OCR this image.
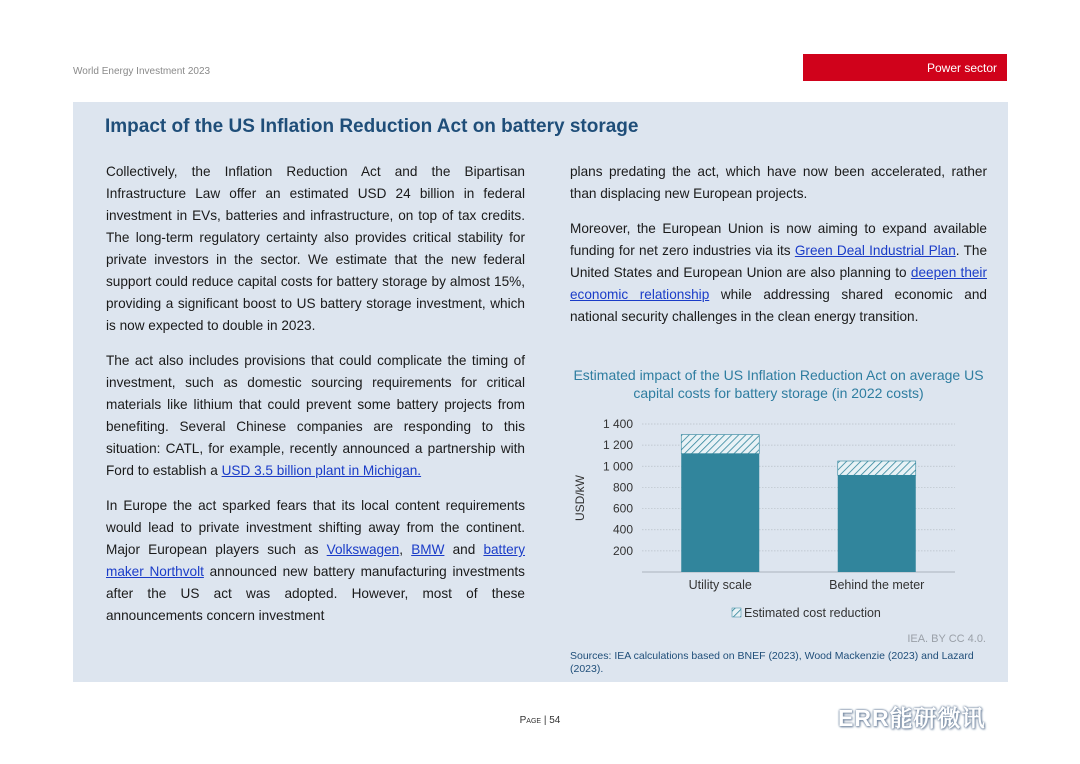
World Energy Investment 2023	Power sector
Impact of the US Inflation Reduction Act on battery storage

Collectively, the Inflation Reduction Act and the Bipartisan Infrastructure Law offer an estimated USD 24 billion in federal investment in EVs, batteries and infrastructure, on top of tax credits. The long-term regulatory certainty also provides critical stability for private investors in the sector. We estimate that the new federal support could reduce capital costs for battery storage by almost 15%, providing a significant boost to US battery storage investment, which is now expected to double in 2023.

The act also includes provisions that could complicate the timing of investment, such as domestic sourcing requirements for critical materials like lithium that could prevent some battery projects from benefiting. Several Chinese companies are responding to this situation: CATL, for example, recently announced a partnership with Ford to establish a USD 3.5 billion plant in Michigan.

In Europe the act sparked fears that its local content requirements would lead to private investment shifting away from the continent. Major European players such as Volkswagen, BMW and battery maker Northvolt announced new battery manufacturing investments after the US act was adopted. However, most of these announcements concern investment

plans predating the act, which have now been accelerated, rather than displacing new European projects.

Moreover, the European Union is now aiming to expand available funding for net zero industries via its Green Deal Industrial Plan. The United States and European Union are also planning to deepen their economic relationship while addressing shared economic and national security challenges in the clean energy transition.

Estimated impact of the US Inflation Reduction Act on average US capital costs for battery storage (in 2022 costs)
USD/kW
200
400
600
800
1 000
1 200
1 400
Utility scale	Behind the meter
Estimated cost reduction
IEA. BY CC 4.0.
Sources: IEA calculations based on BNEF (2023), Wood Mackenzie (2023) and Lazard (2023).
Page | 54	ERR能研微讯
